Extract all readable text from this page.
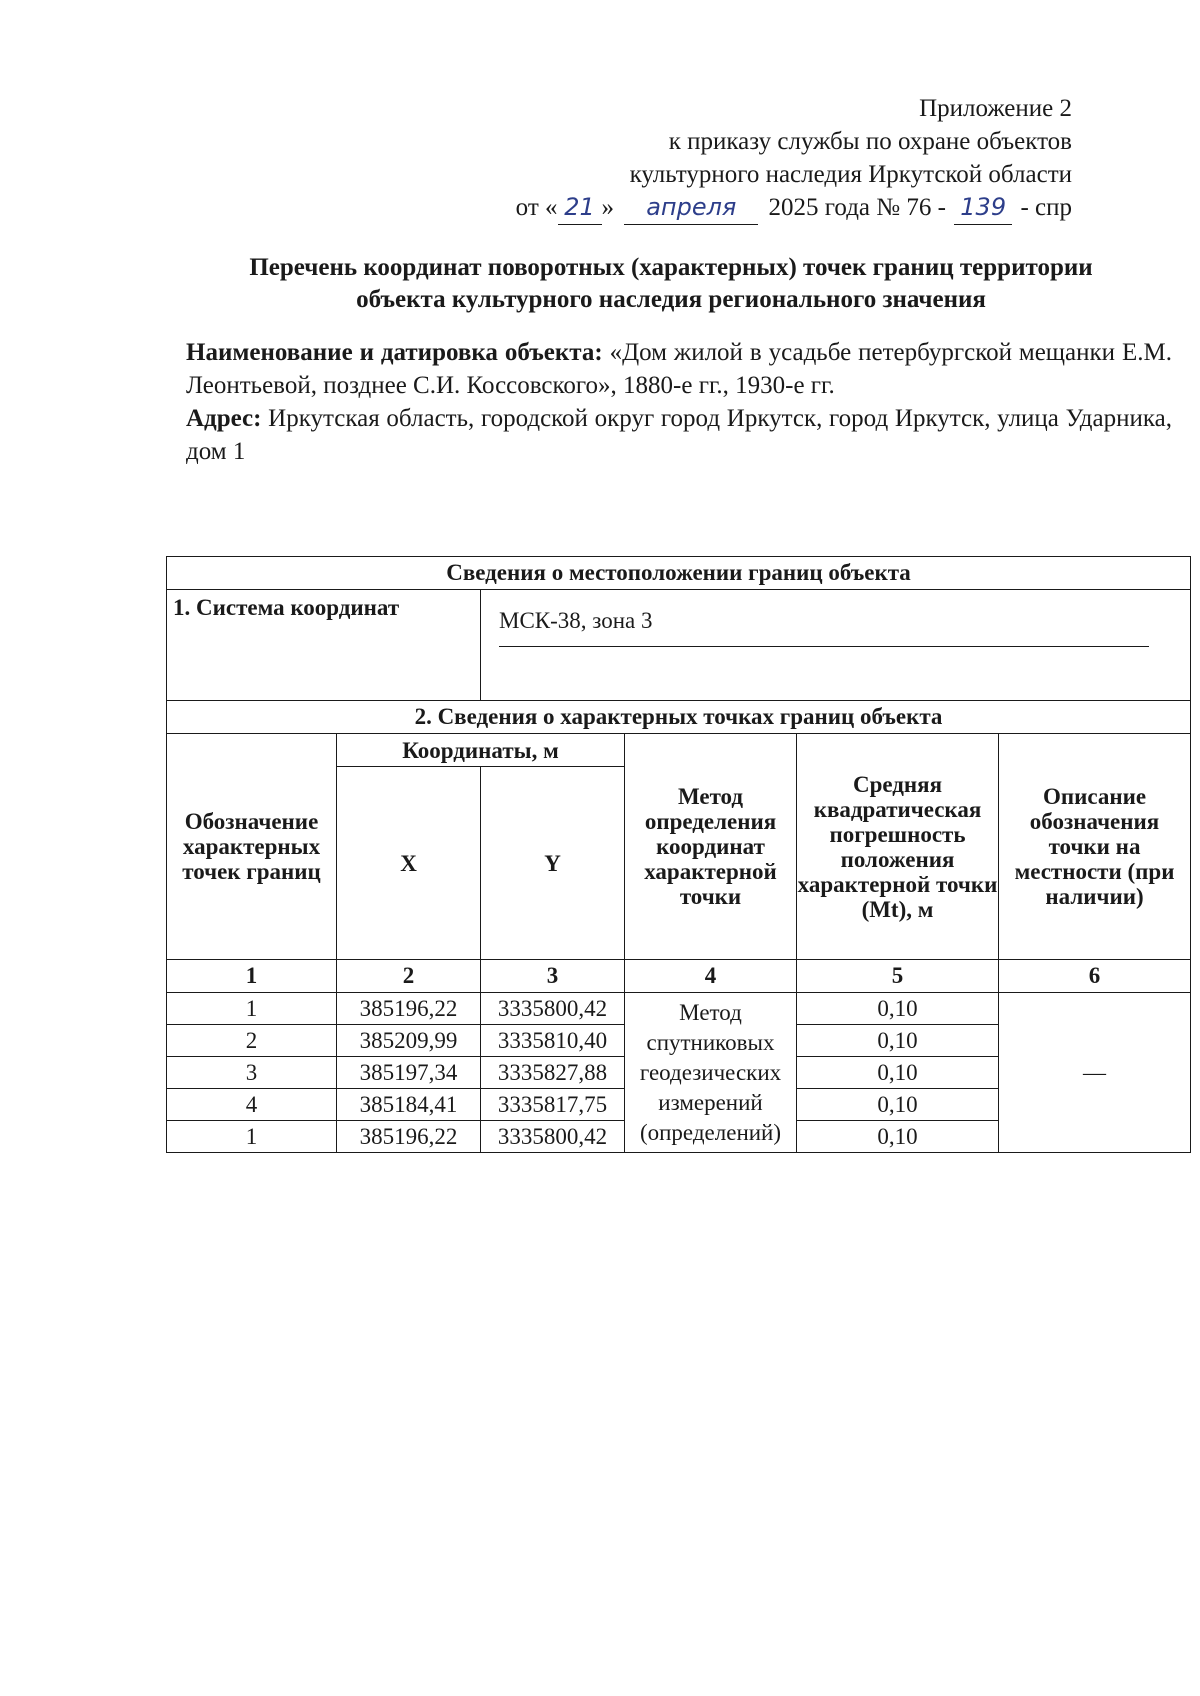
Приложение 2
к приказу службы по охране объектов
культурного наследия Иркутской области
от « 21 » апреля 2025 года № 76 - 139 - спр
Перечень координат поворотных (характерных) точек границ территории
объекта культурного наследия регионального значения

Наименование и датировка объекта: «Дом жилой в усадьбе петербургской мещанки Е.М. Леонтьевой, позднее С.И. Коссовского», 1880-е гг., 1930-е гг.

Адрес: Иркутская область, городской округ город Иркутск, город Иркутск, улица Ударника, дом 1

Сведения о местоположении границ объекта					
1. Система координат		МСК-38, зона 3			
2. Сведения о характерных точках границ объекта					
Обозначение характерных точек границ	Координаты, м		Метод определения координат характерной точки	Средняя квадратическая погрешность положения характерной точки (Mt), м	Описание обозначения точки на местности (при наличии)
	X	Y			
1	2	3	4	5	6
1	385196,22	3335800,42	Метод спутниковых геодезических измерений (определений)	0,10	—
2	385209,99	3335810,40		0,10	
3	385197,34	3335827,88		0,10	
4	385184,41	3335817,75		0,10	
1	385196,22	3335800,42		0,10	
